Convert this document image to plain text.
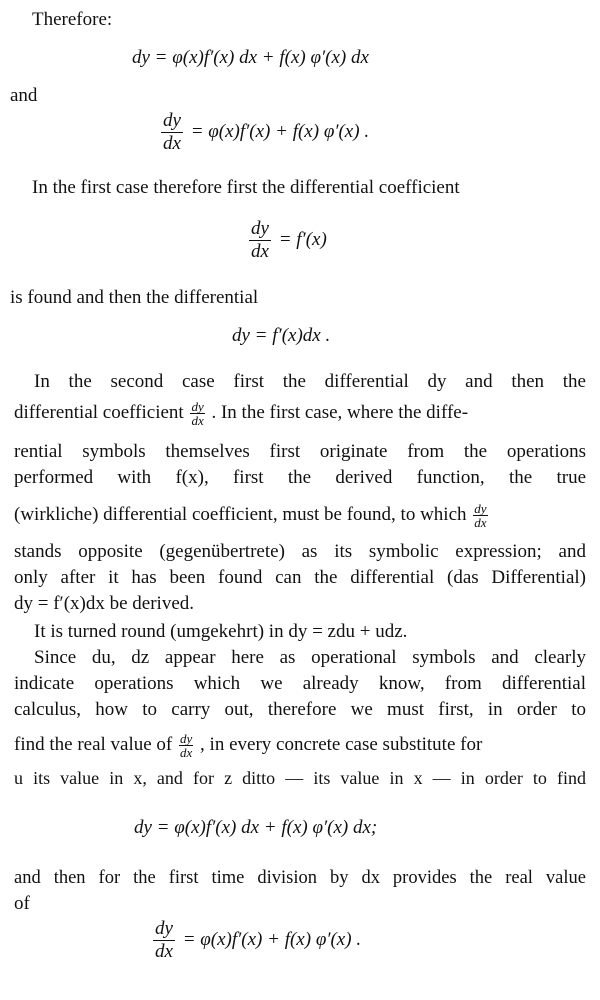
Therefore:
dy = φ(x)f′(x) dx + f(x) φ′(x) dx
and
$\frac{dy}{dx} = \varphi(x)f'(x) + f(x)$ φ′(x) .
In the first case therefore first the differential coefficient
$\frac{dy}{dx} = f'(x)$
is found and then the differential
dy = f′(x)dx .
In the second case first the differential dy and then the
differential coefficient $\frac{dy}{dx}$ . In the first case, where the diffe-
rential symbols themselves first originate from the operations
performed with f(x), first the derived function, the true
(wirkliche) differential coefficient, must be found, to which $\frac{dy}{dx}$
stands opposite (gegenübertrete) as its symbolic expression; and
only after it has been found can the differential (das Differential)
dy = f′(x)dx be derived.
It is turned round (umgekehrt) in dy = zdu + udz.
Since du, dz appear here as operational symbols and clearly
indicate operations which we already know, from differential
calculus, how to carry out, therefore we must first, in order to
find the real value of $\frac{dy}{dx}$ , in every concrete case substitute for
u its value in x, and for z ditto — its value in x — in order to find
dy = φ(x)f′(x) dx + f(x) φ′(x) dx;
and then for the first time division by dx provides the real value
of
$\frac{dy}{dx} = \varphi(x)f'(x) + f(x)$ φ′(x) .
